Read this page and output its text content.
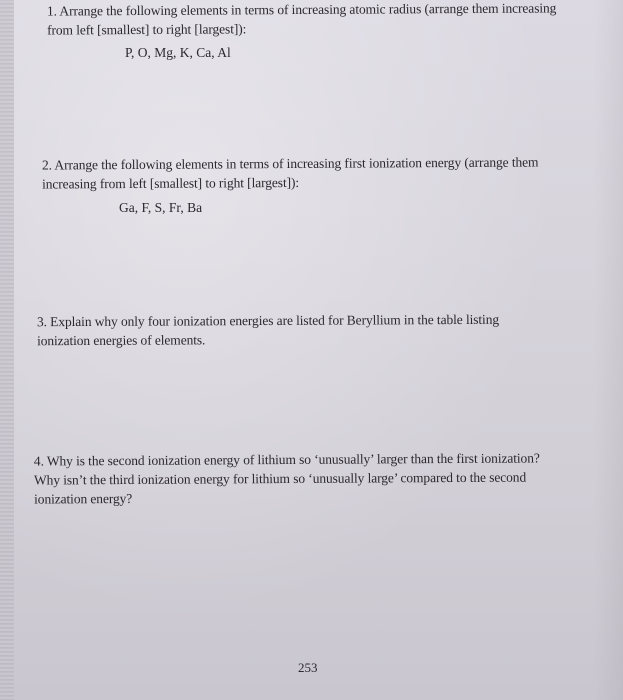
1. Arrange the following elements in terms of increasing atomic radius (arrange them increasing
from left [smallest] to right [largest]):
P, O, Mg, K, Ca, Al
2. Arrange the following elements in terms of increasing first ionization energy (arrange them
increasing from left [smallest] to right [largest]):
Ga, F, S, Fr, Ba
3. Explain why only four ionization energies are listed for Beryllium in the table listing
ionization energies of elements.
4. Why is the second ionization energy of lithium so ‘unusually’ larger than the first ionization?
Why isn’t the third ionization energy for lithium so ‘unusually large’ compared to the second
ionization energy?
253
